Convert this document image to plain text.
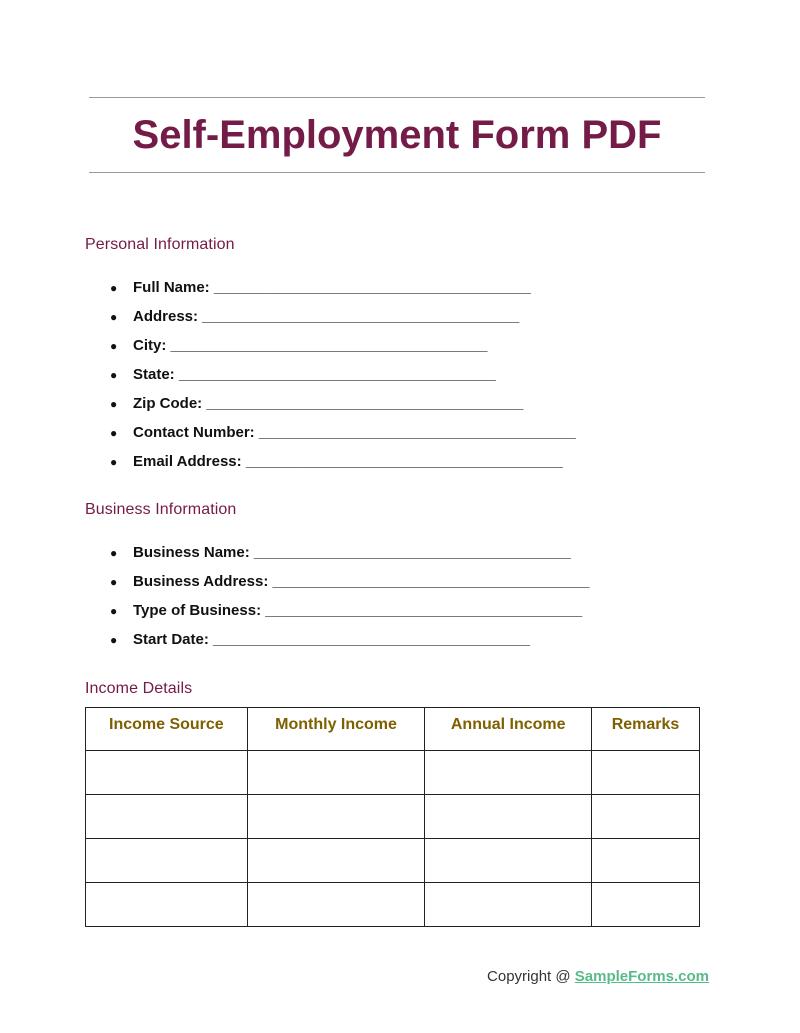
Self-Employment Form PDF
Personal Information
●	Full Name: ______________________________________
●	Address: ______________________________________
●	City: ______________________________________
●	State: ______________________________________
●	Zip Code: ______________________________________
●	Contact Number: ______________________________________
●	Email Address: ______________________________________
Business Information
●	Business Name: ______________________________________
●	Business Address: ______________________________________
●	Type of Business: ______________________________________
●	Start Date: ______________________________________
Income Details
Income Source	Monthly Income	Annual Income	Remarks

Copyright @ SampleForms.com
